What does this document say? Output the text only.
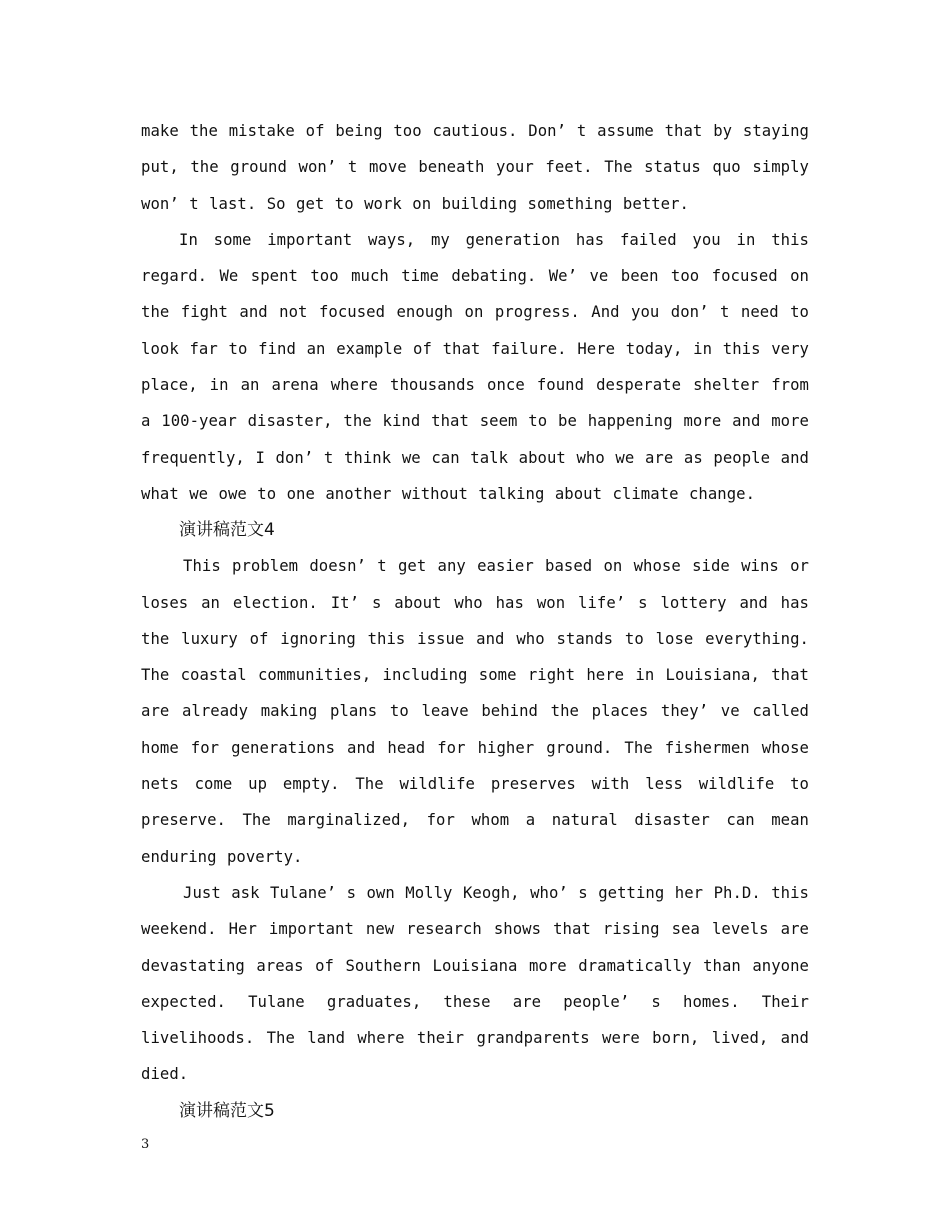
make the mistake of being too cautious. Don’ t assume that by staying put, the ground won’ t move beneath your feet. The status quo simply won’ t last. So get to work on building something better.

In some important ways, my generation has failed you in this regard. We spent too much time debating. We’ ve been too focused on the fight and not focused enough on progress. And you don’ t need to look far to find an example of that failure. Here today, in this very place, in an arena where thousands once found desperate shelter from a 100-year disaster, the kind that seem to be happening more and more frequently, I don’ t think we can talk about who we are as people and what we owe to one another without talking about climate change.

演讲稿范文4

This problem doesn’ t get any easier based on whose side wins or loses an election. It’ s about who has won life’ s lottery and has the luxury of ignoring this issue and who stands to lose everything. The coastal communities, including some right here in Louisiana, that are already making plans to leave behind the places they’ ve called home for generations and head for higher ground. The fishermen whose nets come up empty. The wildlife preserves with less wildlife to preserve. The marginalized, for whom a natural disaster can mean enduring poverty.

Just ask Tulane’ s own Molly Keogh, who’ s getting her Ph.D. this weekend. Her important new research shows that rising sea levels are devastating areas of Southern Louisiana more dramatically than anyone expected. Tulane graduates, these are people’ s homes. Their livelihoods. The land where their grandparents were born, lived, and died.

演讲稿范文5

3
